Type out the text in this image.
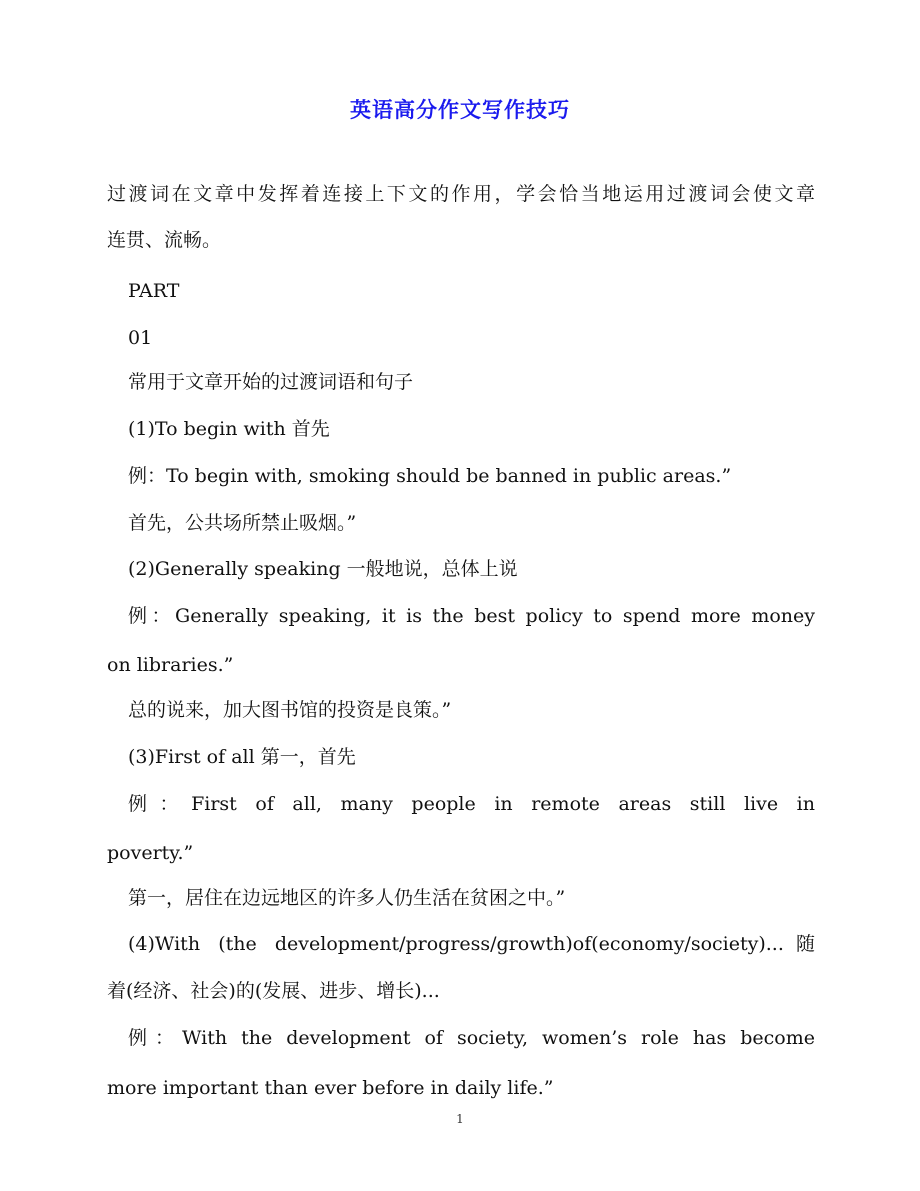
英语高分作文写作技巧

过渡词在文章中发挥着连接上下文的作用，学会恰当地运用过渡词会使文章

连贯、流畅。

PART

01

常用于文章开始的过渡词语和句子

(1)To begin with 首先

例：To begin with, smoking should be banned in public areas.”

首先，公共场所禁止吸烟。”

(2)Generally speaking 一般地说，总体上说

例：Generally speaking, it is the best policy to spend more money

on libraries.”

总的说来，加大图书馆的投资是良策。”

(3)First of all 第一，首先

例：First of all, many people in remote areas still live in

poverty.”

第一，居住在边远地区的许多人仍生活在贫困之中。”

(4)With (the development/progress/growth)of(economy/society)...随

着(经济、社会)的(发展、进步、增长)...

例：With the development of society, women’s role has become

more important than ever before in daily life.”

1
